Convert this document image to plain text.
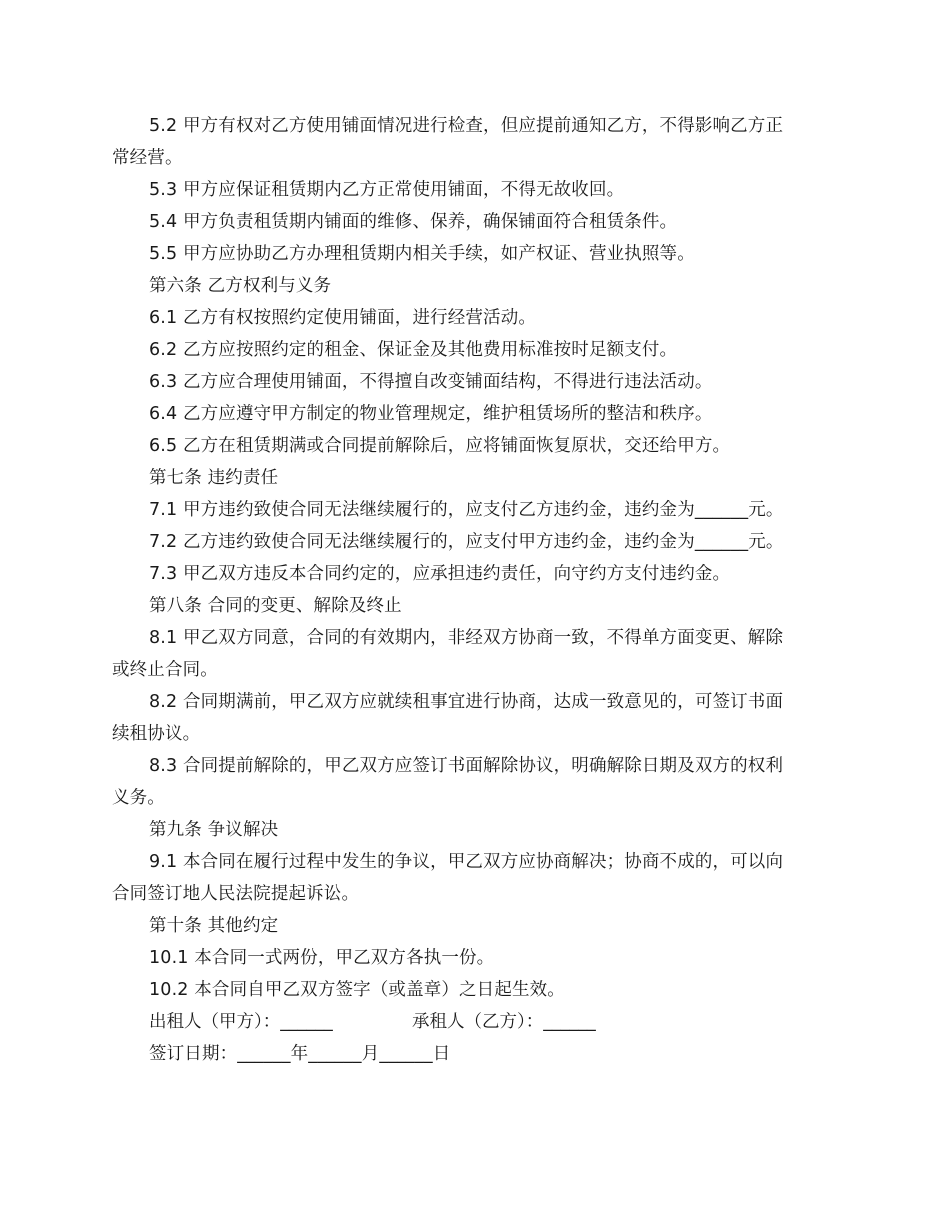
5.2 甲方有权对乙方使用铺面情况进行检查，但应提前通知乙方，不得影响乙方正
常经营。
5.3 甲方应保证租赁期内乙方正常使用铺面，不得无故收回。
5.4 甲方负责租赁期内铺面的维修、保养，确保铺面符合租赁条件。
5.5 甲方应协助乙方办理租赁期内相关手续，如产权证、营业执照等。
第六条 乙方权利与义务
6.1 乙方有权按照约定使用铺面，进行经营活动。
6.2 乙方应按照约定的租金、保证金及其他费用标准按时足额支付。
6.3 乙方应合理使用铺面，不得擅自改变铺面结构，不得进行违法活动。
6.4 乙方应遵守甲方制定的物业管理规定，维护租赁场所的整洁和秩序。
6.5 乙方在租赁期满或合同提前解除后，应将铺面恢复原状，交还给甲方。
第七条 违约责任
7.1 甲方违约致使合同无法继续履行的，应支付乙方违约金，违约金为______元。
7.2 乙方违约致使合同无法继续履行的，应支付甲方违约金，违约金为______元。
7.3 甲乙双方违反本合同约定的，应承担违约责任，向守约方支付违约金。
第八条 合同的变更、解除及终止
8.1 甲乙双方同意，合同的有效期内，非经双方协商一致，不得单方面变更、解除
或终止合同。
8.2 合同期满前，甲乙双方应就续租事宜进行协商，达成一致意见的，可签订书面
续租协议。
8.3 合同提前解除的，甲乙双方应签订书面解除协议，明确解除日期及双方的权利
义务。
第九条 争议解决
9.1 本合同在履行过程中发生的争议，甲乙双方应协商解决；协商不成的，可以向
合同签订地人民法院提起诉讼。
第十条 其他约定
10.1 本合同一式两份，甲乙双方各执一份。
10.2 本合同自甲乙双方签字（或盖章）之日起生效。
出租人（甲方）：______	承租人（乙方）：______
签订日期：______年______月______日
